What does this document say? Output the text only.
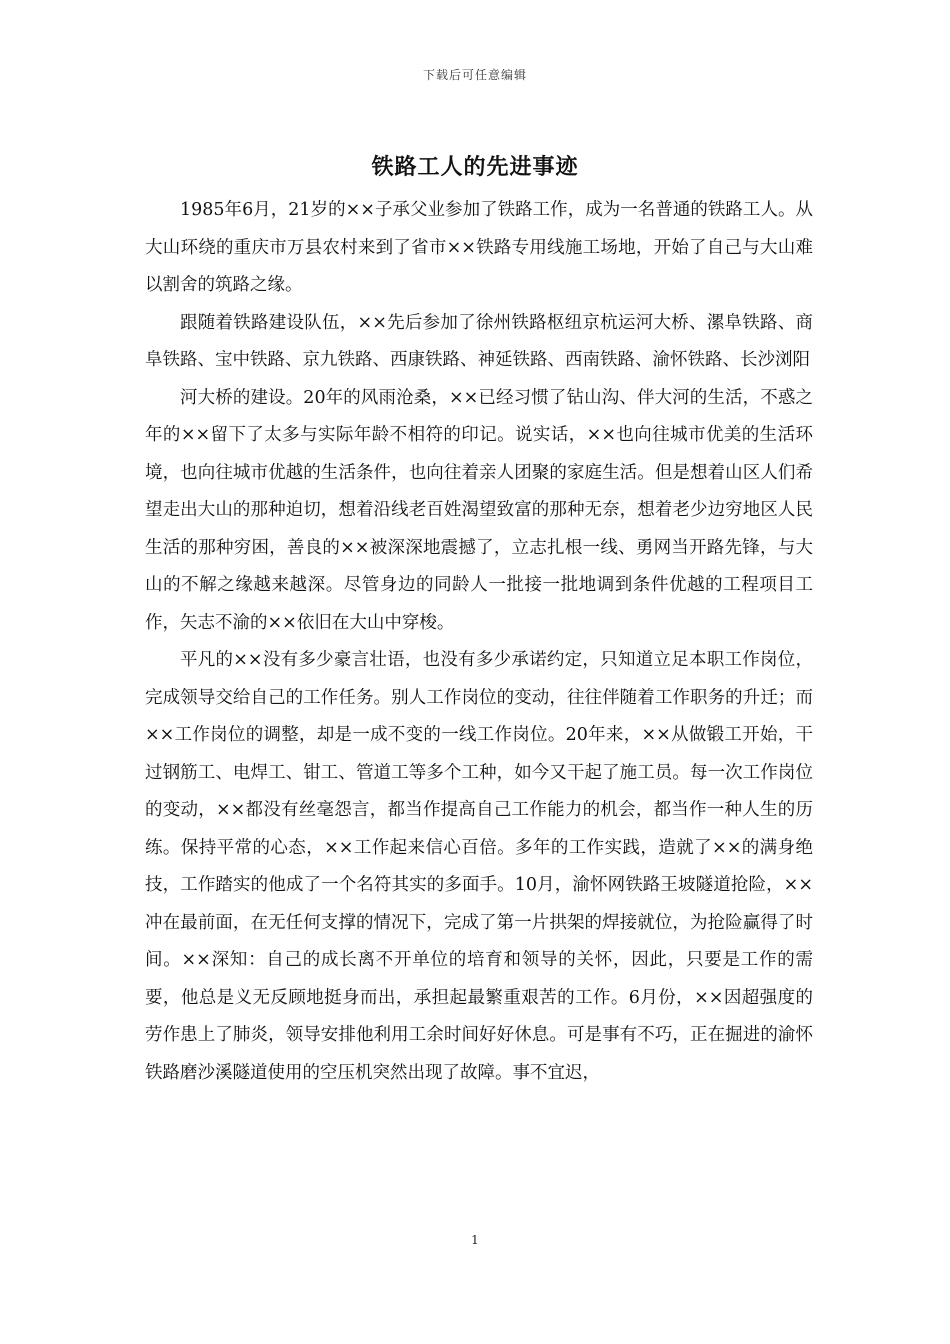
下载后可任意编辑
铁路工人的先进事迹

1985年6月，21岁的××子承父业参加了铁路工作，成为一名普通的铁路工人。从大山环绕的重庆市万县农村来到了省市××铁路专用线施工场地，开始了自己与大山难以割舍的筑路之缘。

跟随着铁路建设队伍，××先后参加了徐州铁路枢纽京杭运河大桥、漯阜铁路、商阜铁路、宝中铁路、京九铁路、西康铁路、神延铁路、西南铁路、渝怀铁路、长沙浏阳

河大桥的建设。20年的风雨沧桑，××已经习惯了钻山沟、伴大河的生活，不惑之年的××留下了太多与实际年龄不相符的印记。说实话，××也向往城市优美的生活环境，也向往城市优越的生活条件，也向往着亲人团聚的家庭生活。但是想着山区人们希望走出大山的那种迫切，想着沿线老百姓渴望致富的那种无奈，想着老少边穷地区人民生活的那种穷困，善良的××被深深地震撼了，立志扎根一线、勇网当开路先锋，与大山的不解之缘越来越深。尽管身边的同龄人一批接一批地调到条件优越的工程项目工作，矢志不渝的××依旧在大山中穿梭。

平凡的××没有多少豪言壮语，也没有多少承诺约定，只知道立足本职工作岗位，完成领导交给自己的工作任务。别人工作岗位的变动，往往伴随着工作职务的升迁；而××工作岗位的调整，却是一成不变的一线工作岗位。20年来，××从做锻工开始，干过钢筋工、电焊工、钳工、管道工等多个工种，如今又干起了施工员。每一次工作岗位的变动，××都没有丝毫怨言，都当作提高自己工作能力的机会，都当作一种人生的历练。保持平常的心态，××工作起来信心百倍。多年的工作实践，造就了××的满身绝技，工作踏实的他成了一个名符其实的多面手。10月，渝怀网铁路王坡隧道抢险，××冲在最前面，在无任何支撑的情况下，完成了第一片拱架的焊接就位，为抢险赢得了时间。××深知：自己的成长离不开单位的培育和领导的关怀，因此，只要是工作的需要，他总是义无反顾地挺身而出，承担起最繁重艰苦的工作。6月份，××因超强度的劳作患上了肺炎，领导安排他利用工余时间好好休息。可是事有不巧，正在掘进的渝怀铁路磨沙溪隧道使用的空压机突然出现了故障。事不宜迟，

1
